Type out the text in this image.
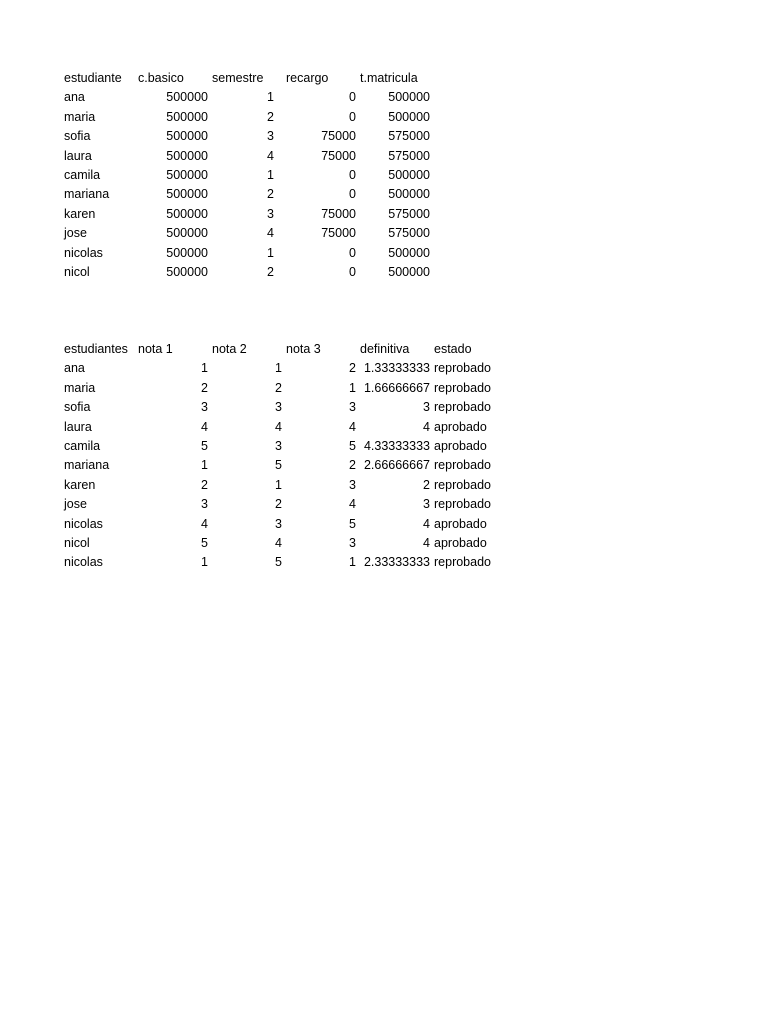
estudiante	c.basico	semestre	recargo	t.matricula
ana	500000	1	0	500000
maria	500000	2	0	500000
sofia	500000	3	75000	575000
laura	500000	4	75000	575000
camila	500000	1	0	500000
mariana	500000	2	0	500000
karen	500000	3	75000	575000
jose	500000	4	75000	575000
nicolas	500000	1	0	500000
nicol	500000	2	0	500000
estudiantes	nota 1	nota 2	nota 3	definitiva	estado
ana	1	1	2	1.33333333	reprobado
maria	2	2	1	1.66666667	reprobado
sofia	3	3	3	3	reprobado
laura	4	4	4	4	aprobado
camila	5	3	5	4.33333333	aprobado
mariana	1	5	2	2.66666667	reprobado
karen	2	1	3	2	reprobado
jose	3	2	4	3	reprobado
nicolas	4	3	5	4	aprobado
nicol	5	4	3	4	aprobado
nicolas	1	5	1	2.33333333	reprobado
